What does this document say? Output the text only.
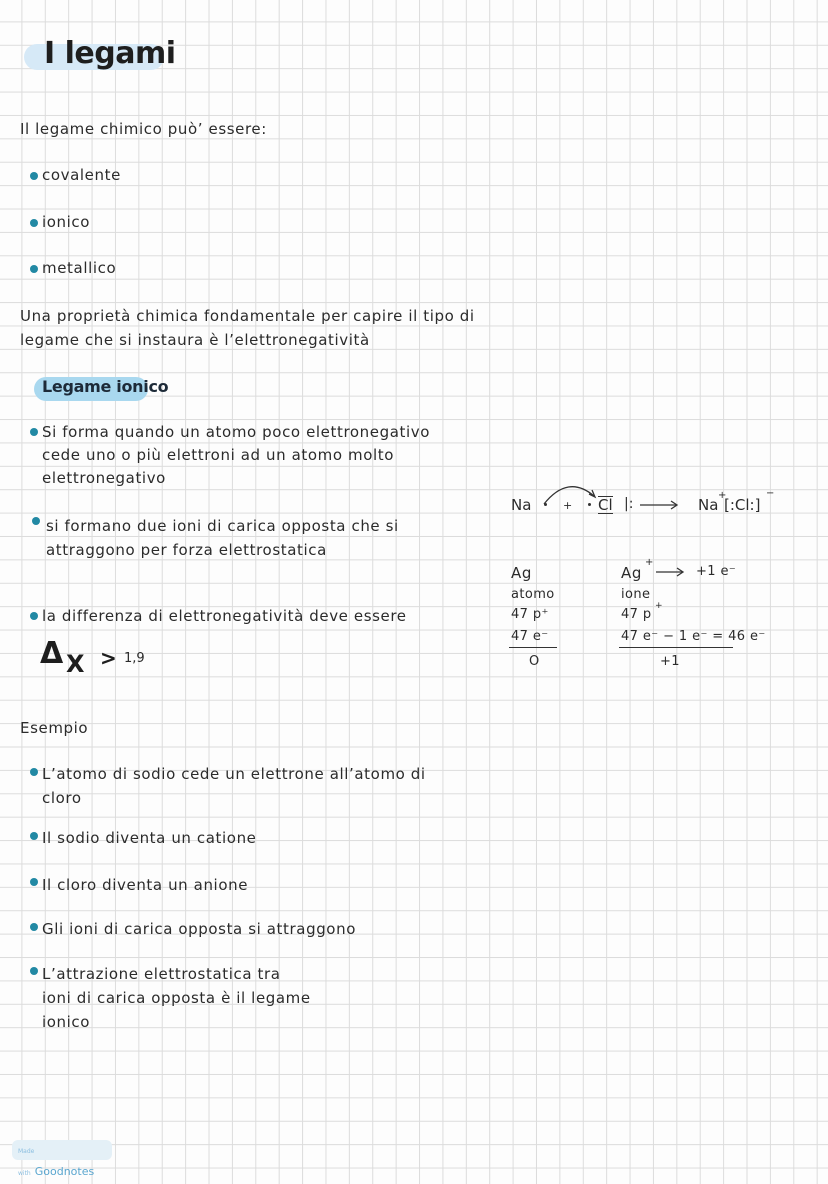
I legami
Il legame chimico può’ essere:
covalente
ionico
metallico
Una proprietà chimica fondamentale per capire il tipo di
legame che si instaura è l’elettronegatività
Legame ionico
Si forma quando un atomo poco elettronegativo
cede uno o più elettroni ad un atomo molto
elettronegativo
si formano due ioni di carica opposta che si
attraggono per forza elettrostatica
la differenza di elettronegatività deve essere
Δ X > 1,9
Na	+ Cl |: → Na
+
[:Cl:]
−
Ag
atomo
47 p⁺
47 e⁻
O
Ag
+
+1 e⁻
ione
47 p
+
47 e⁻ − 1 e⁻ = 46 e⁻
+1
Esempio
L’atomo di sodio cede un elettrone all’atomo di
cloro
Il sodio diventa un catione
Il cloro diventa un anione
Gli ioni di carica opposta si attraggono
L’attrazione elettrostatica tra
ioni di carica opposta è il legame
ionico
Made with Goodnotes
